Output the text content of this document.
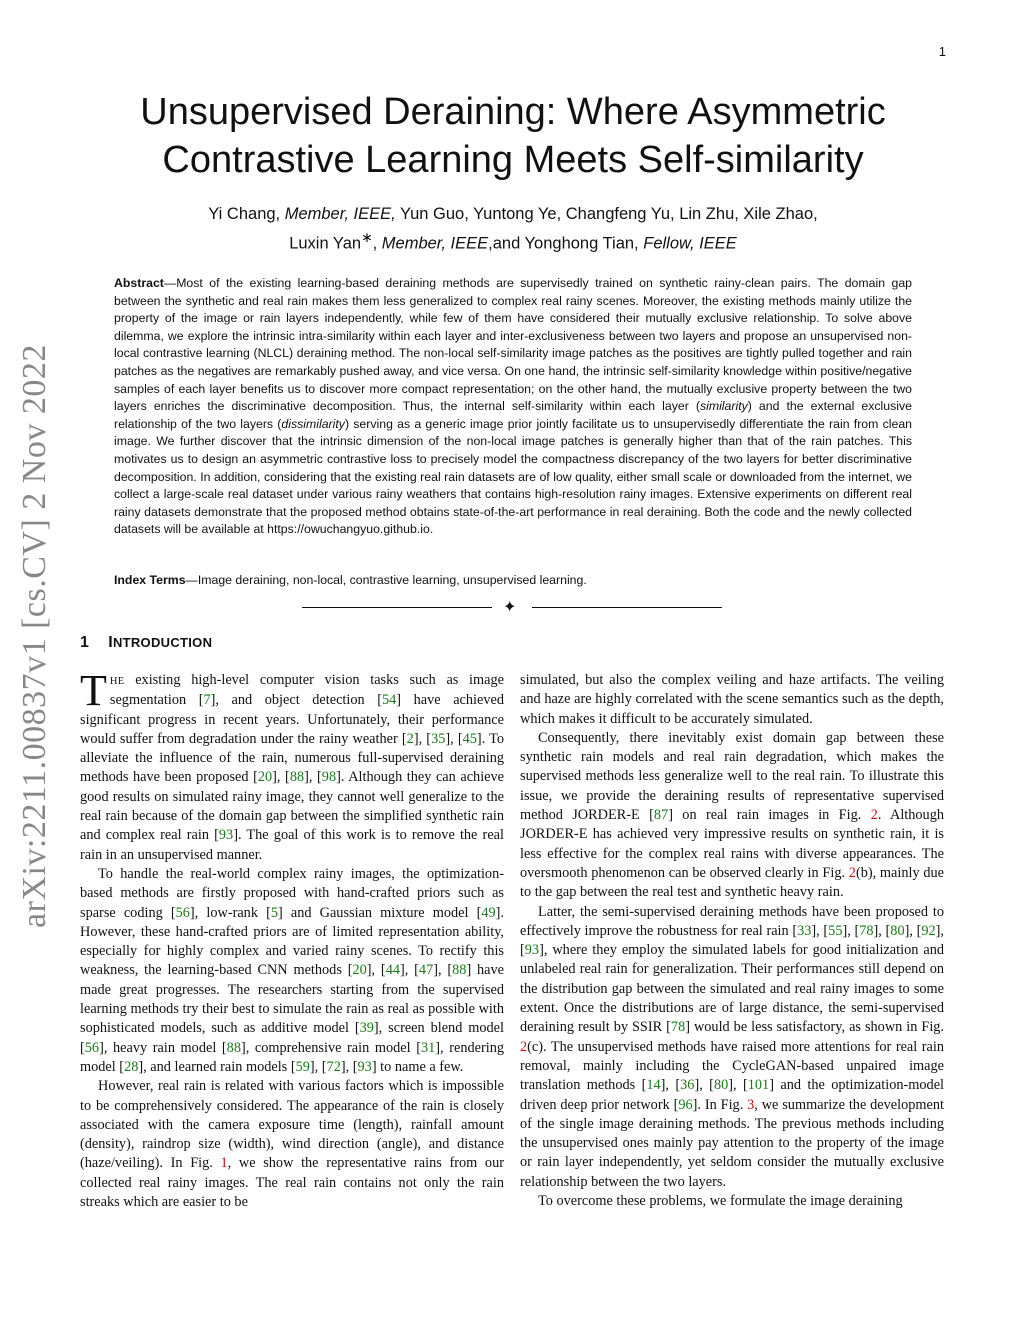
1
arXiv:2211.00837v1 [cs.CV] 2 Nov 2022
Unsupervised Deraining: Where Asymmetric
Contrastive Learning Meets Self-similarity
Yi Chang, Member, IEEE, Yun Guo, Yuntong Ye, Changfeng Yu, Lin Zhu, Xile Zhao,
Luxin Yan∗, Member, IEEE,and Yonghong Tian, Fellow, IEEE

Abstract—Most of the existing learning-based deraining methods are supervisedly trained on synthetic rainy-clean pairs. The domain gap between the synthetic and real rain makes them less generalized to complex real rainy scenes. Moreover, the existing methods mainly utilize the property of the image or rain layers independently, while few of them have considered their mutually exclusive relationship. To solve above dilemma, we explore the intrinsic intra-similarity within each layer and inter-exclusiveness between two layers and propose an unsupervised non-local contrastive learning (NLCL) deraining method. The non-local self-similarity image patches as the positives are tightly pulled together and rain patches as the negatives are remarkably pushed away, and vice versa. On one hand, the intrinsic self-similarity knowledge within positive/negative samples of each layer benefits us to discover more compact representation; on the other hand, the mutually exclusive property between the two layers enriches the discriminative decomposition. Thus, the internal self-similarity within each layer (similarity) and the external exclusive relationship of the two layers (dissimilarity) serving as a generic image prior jointly facilitate us to unsupervisedly differentiate the rain from clean image. We further discover that the intrinsic dimension of the non-local image patches is generally higher than that of the rain patches. This motivates us to design an asymmetric contrastive loss to precisely model the compactness discrepancy of the two layers for better discriminative decomposition. In addition, considering that the existing real rain datasets are of low quality, either small scale or downloaded from the internet, we collect a large-scale real dataset under various rainy weathers that contains high-resolution rainy images. Extensive experiments on different real rainy datasets demonstrate that the proposed method obtains state-of-the-art performance in real deraining. Both the code and the newly collected datasets will be available at https://owuchangyuo.github.io.

Index Terms—Image deraining, non-local, contrastive learning, unsupervised learning.

✦
1 INTRODUCTION

THE existing high-level computer vision tasks such as image segmentation [7], and object detection [54] have achieved significant progress in recent years. Unfortunately, their performance would suffer from degradation under the rainy weather [2], [35], [45]. To alleviate the influence of the rain, numerous full-supervised deraining methods have been proposed [20], [88], [98]. Although they can achieve good results on simulated rainy image, they cannot well generalize to the real rain because of the domain gap between the simplified synthetic rain and complex real rain [93]. The goal of this work is to remove the real rain in an unsupervised manner.

To handle the real-world complex rainy images, the optimization-based methods are firstly proposed with hand-crafted priors such as sparse coding [56], low-rank [5] and Gaussian mixture model [49]. However, these hand-crafted priors are of limited representation ability, especially for highly complex and varied rainy scenes. To rectify this weakness, the learning-based CNN methods [20], [44], [47], [88] have made great progresses. The researchers starting from the supervised learning methods try their best to simulate the rain as real as possible with sophisticated models, such as additive model [39], screen blend model [56], heavy rain model [88], comprehensive rain model [31], rendering model [28], and learned rain models [59], [72], [93] to name a few.

However, real rain is related with various factors which is impossible to be comprehensively considered. The appearance of the rain is closely associated with the camera exposure time (length), rainfall amount (density), raindrop size (width), wind direction (angle), and distance (haze/veiling). In Fig. 1, we show the representative rains from our collected real rainy images. The real rain contains not only the rain streaks which are easier to be

simulated, but also the complex veiling and haze artifacts. The veiling and haze are highly correlated with the scene semantics such as the depth, which makes it difficult to be accurately simulated.

Consequently, there inevitably exist domain gap between these synthetic rain models and real rain degradation, which makes the supervised methods less generalize well to the real rain. To illustrate this issue, we provide the deraining results of representative supervised method JORDER-E [87] on real rain images in Fig. 2. Although JORDER-E has achieved very impressive results on synthetic rain, it is less effective for the complex real rains with diverse appearances. The oversmooth phenomenon can be observed clearly in Fig. 2(b), mainly due to the gap between the real test and synthetic heavy rain.

Latter, the semi-supervised deraining methods have been proposed to effectively improve the robustness for real rain [33], [55], [78], [80], [92], [93], where they employ the simulated labels for good initialization and unlabeled real rain for generalization. Their performances still depend on the distribution gap between the simulated and real rainy images to some extent. Once the distributions are of large distance, the semi-supervised deraining result by SSIR [78] would be less satisfactory, as shown in Fig. 2(c). The unsupervised methods have raised more attentions for real rain removal, mainly including the CycleGAN-based unpaired image translation methods [14], [36], [80], [101] and the optimization-model driven deep prior network [96]. In Fig. 3, we summarize the development of the single image deraining methods. The previous methods including the unsupervised ones mainly pay attention to the property of the image or rain layer independently, yet seldom consider the mutually exclusive relationship between the two layers.

To overcome these problems, we formulate the image deraining
